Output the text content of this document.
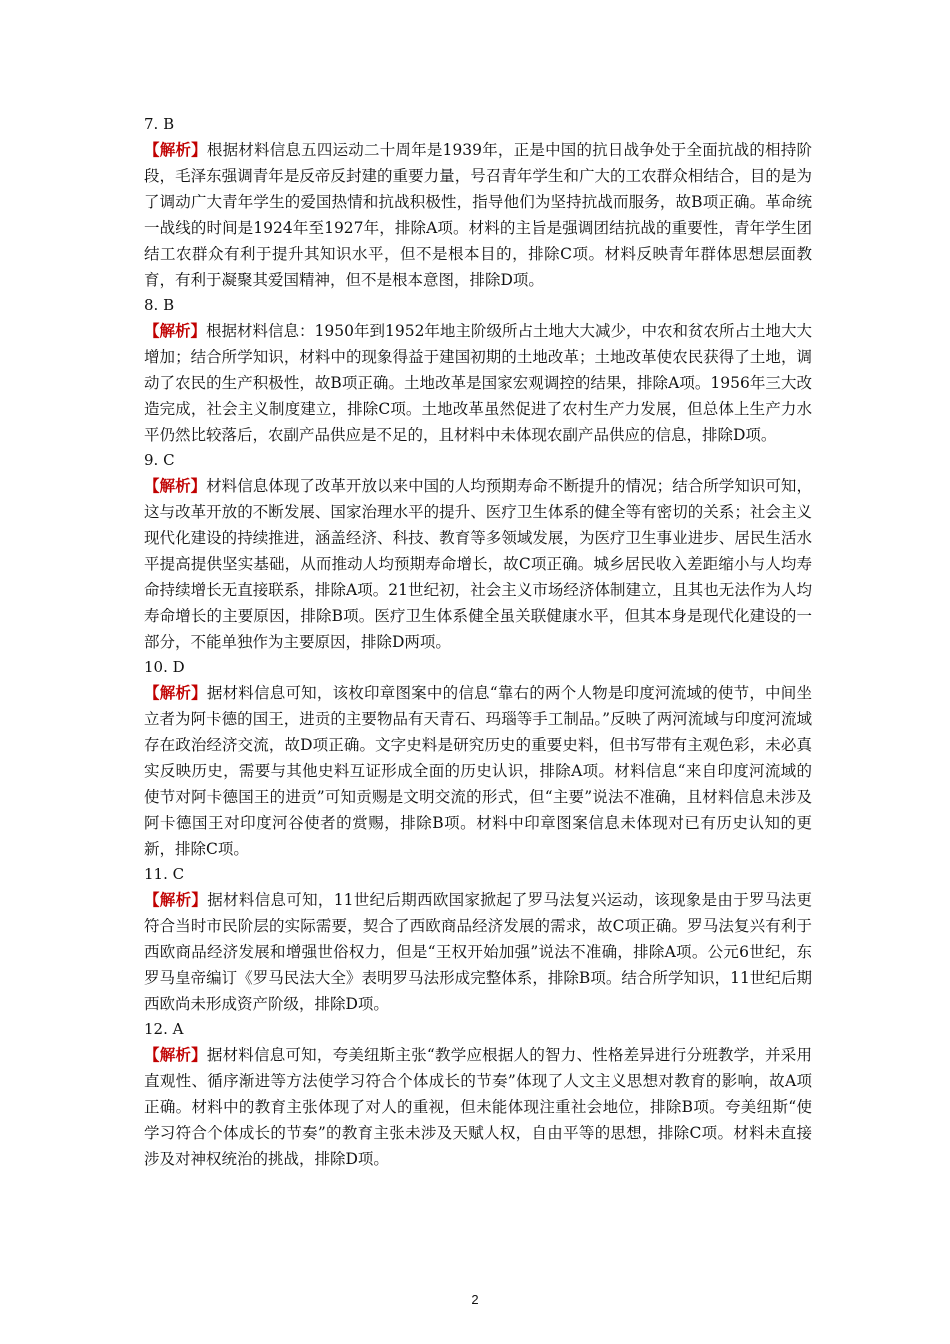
7. B

【解析】根据材料信息五四运动二十周年是1939年，正是中国的抗日战争处于全面抗战的相持阶段，毛泽东强调青年是反帝反封建的重要力量，号召青年学生和广大的工农群众相结合，目的是为了调动广大青年学生的爱国热情和抗战积极性，指导他们为坚持抗战而服务，故B项正确。革命统一战线的时间是1924年至1927年，排除A项。材料的主旨是强调团结抗战的重要性，青年学生团结工农群众有利于提升其知识水平，但不是根本目的，排除C项。材料反映青年群体思想层面教育，有利于凝聚其爱国精神，但不是根本意图，排除D项。

8. B

【解析】根据材料信息：1950年到1952年地主阶级所占土地大大减少，中农和贫农所占土地大大增加；结合所学知识，材料中的现象得益于建国初期的土地改革；土地改革使农民获得了土地，调动了农民的生产积极性，故B项正确。土地改革是国家宏观调控的结果，排除A项。1956年三大改造完成，社会主义制度建立，排除C项。土地改革虽然促进了农村生产力发展，但总体上生产力水平仍然比较落后，农副产品供应是不足的，且材料中未体现农副产品供应的信息，排除D项。

9. C

【解析】材料信息体现了改革开放以来中国的人均预期寿命不断提升的情况；结合所学知识可知，这与改革开放的不断发展、国家治理水平的提升、医疗卫生体系的健全等有密切的关系；社会主义现代化建设的持续推进，涵盖经济、科技、教育等多领域发展，为医疗卫生事业进步、居民生活水平提高提供坚实基础，从而推动人均预期寿命增长，故C项正确。城乡居民收入差距缩小与人均寿命持续增长无直接联系，排除A项。21世纪初，社会主义市场经济体制建立，且其也无法作为人均寿命增长的主要原因，排除B项。医疗卫生体系健全虽关联健康水平，但其本身是现代化建设的一部分，不能单独作为主要原因，排除D两项。

10. D

【解析】据材料信息可知，该枚印章图案中的信息“靠右的两个人物是印度河流域的使节，中间坐立者为阿卡德的国王，进贡的主要物品有天青石、玛瑙等手工制品。”反映了两河流域与印度河流域存在政治经济交流，故D项正确。文字史料是研究历史的重要史料，但书写带有主观色彩，未必真实反映历史，需要与其他史料互证形成全面的历史认识，排除A项。材料信息“来自印度河流域的使节对阿卡德国王的进贡”可知贡赐是文明交流的形式，但“主要”说法不准确，且材料信息未涉及阿卡德国王对印度河谷使者的赏赐，排除B项。材料中印章图案信息未体现对已有历史认知的更新，排除C项。

11. C

【解析】据材料信息可知，11世纪后期西欧国家掀起了罗马法复兴运动，该现象是由于罗马法更符合当时市民阶层的实际需要，契合了西欧商品经济发展的需求，故C项正确。罗马法复兴有利于西欧商品经济发展和增强世俗权力，但是“王权开始加强”说法不准确，排除A项。公元6世纪，东罗马皇帝编订《罗马民法大全》表明罗马法形成完整体系，排除B项。结合所学知识，11世纪后期西欧尚未形成资产阶级，排除D项。

12. A

【解析】据材料信息可知，夸美纽斯主张“教学应根据人的智力、性格差异进行分班教学，并采用直观性、循序渐进等方法使学习符合个体成长的节奏”体现了人文主义思想对教育的影响，故A项正确。材料中的教育主张体现了对人的重视，但未能体现注重社会地位，排除B项。夸美纽斯“使学习符合个体成长的节奏”的教育主张未涉及天赋人权，自由平等的思想，排除C项。材料未直接涉及对神权统治的挑战，排除D项。

2
